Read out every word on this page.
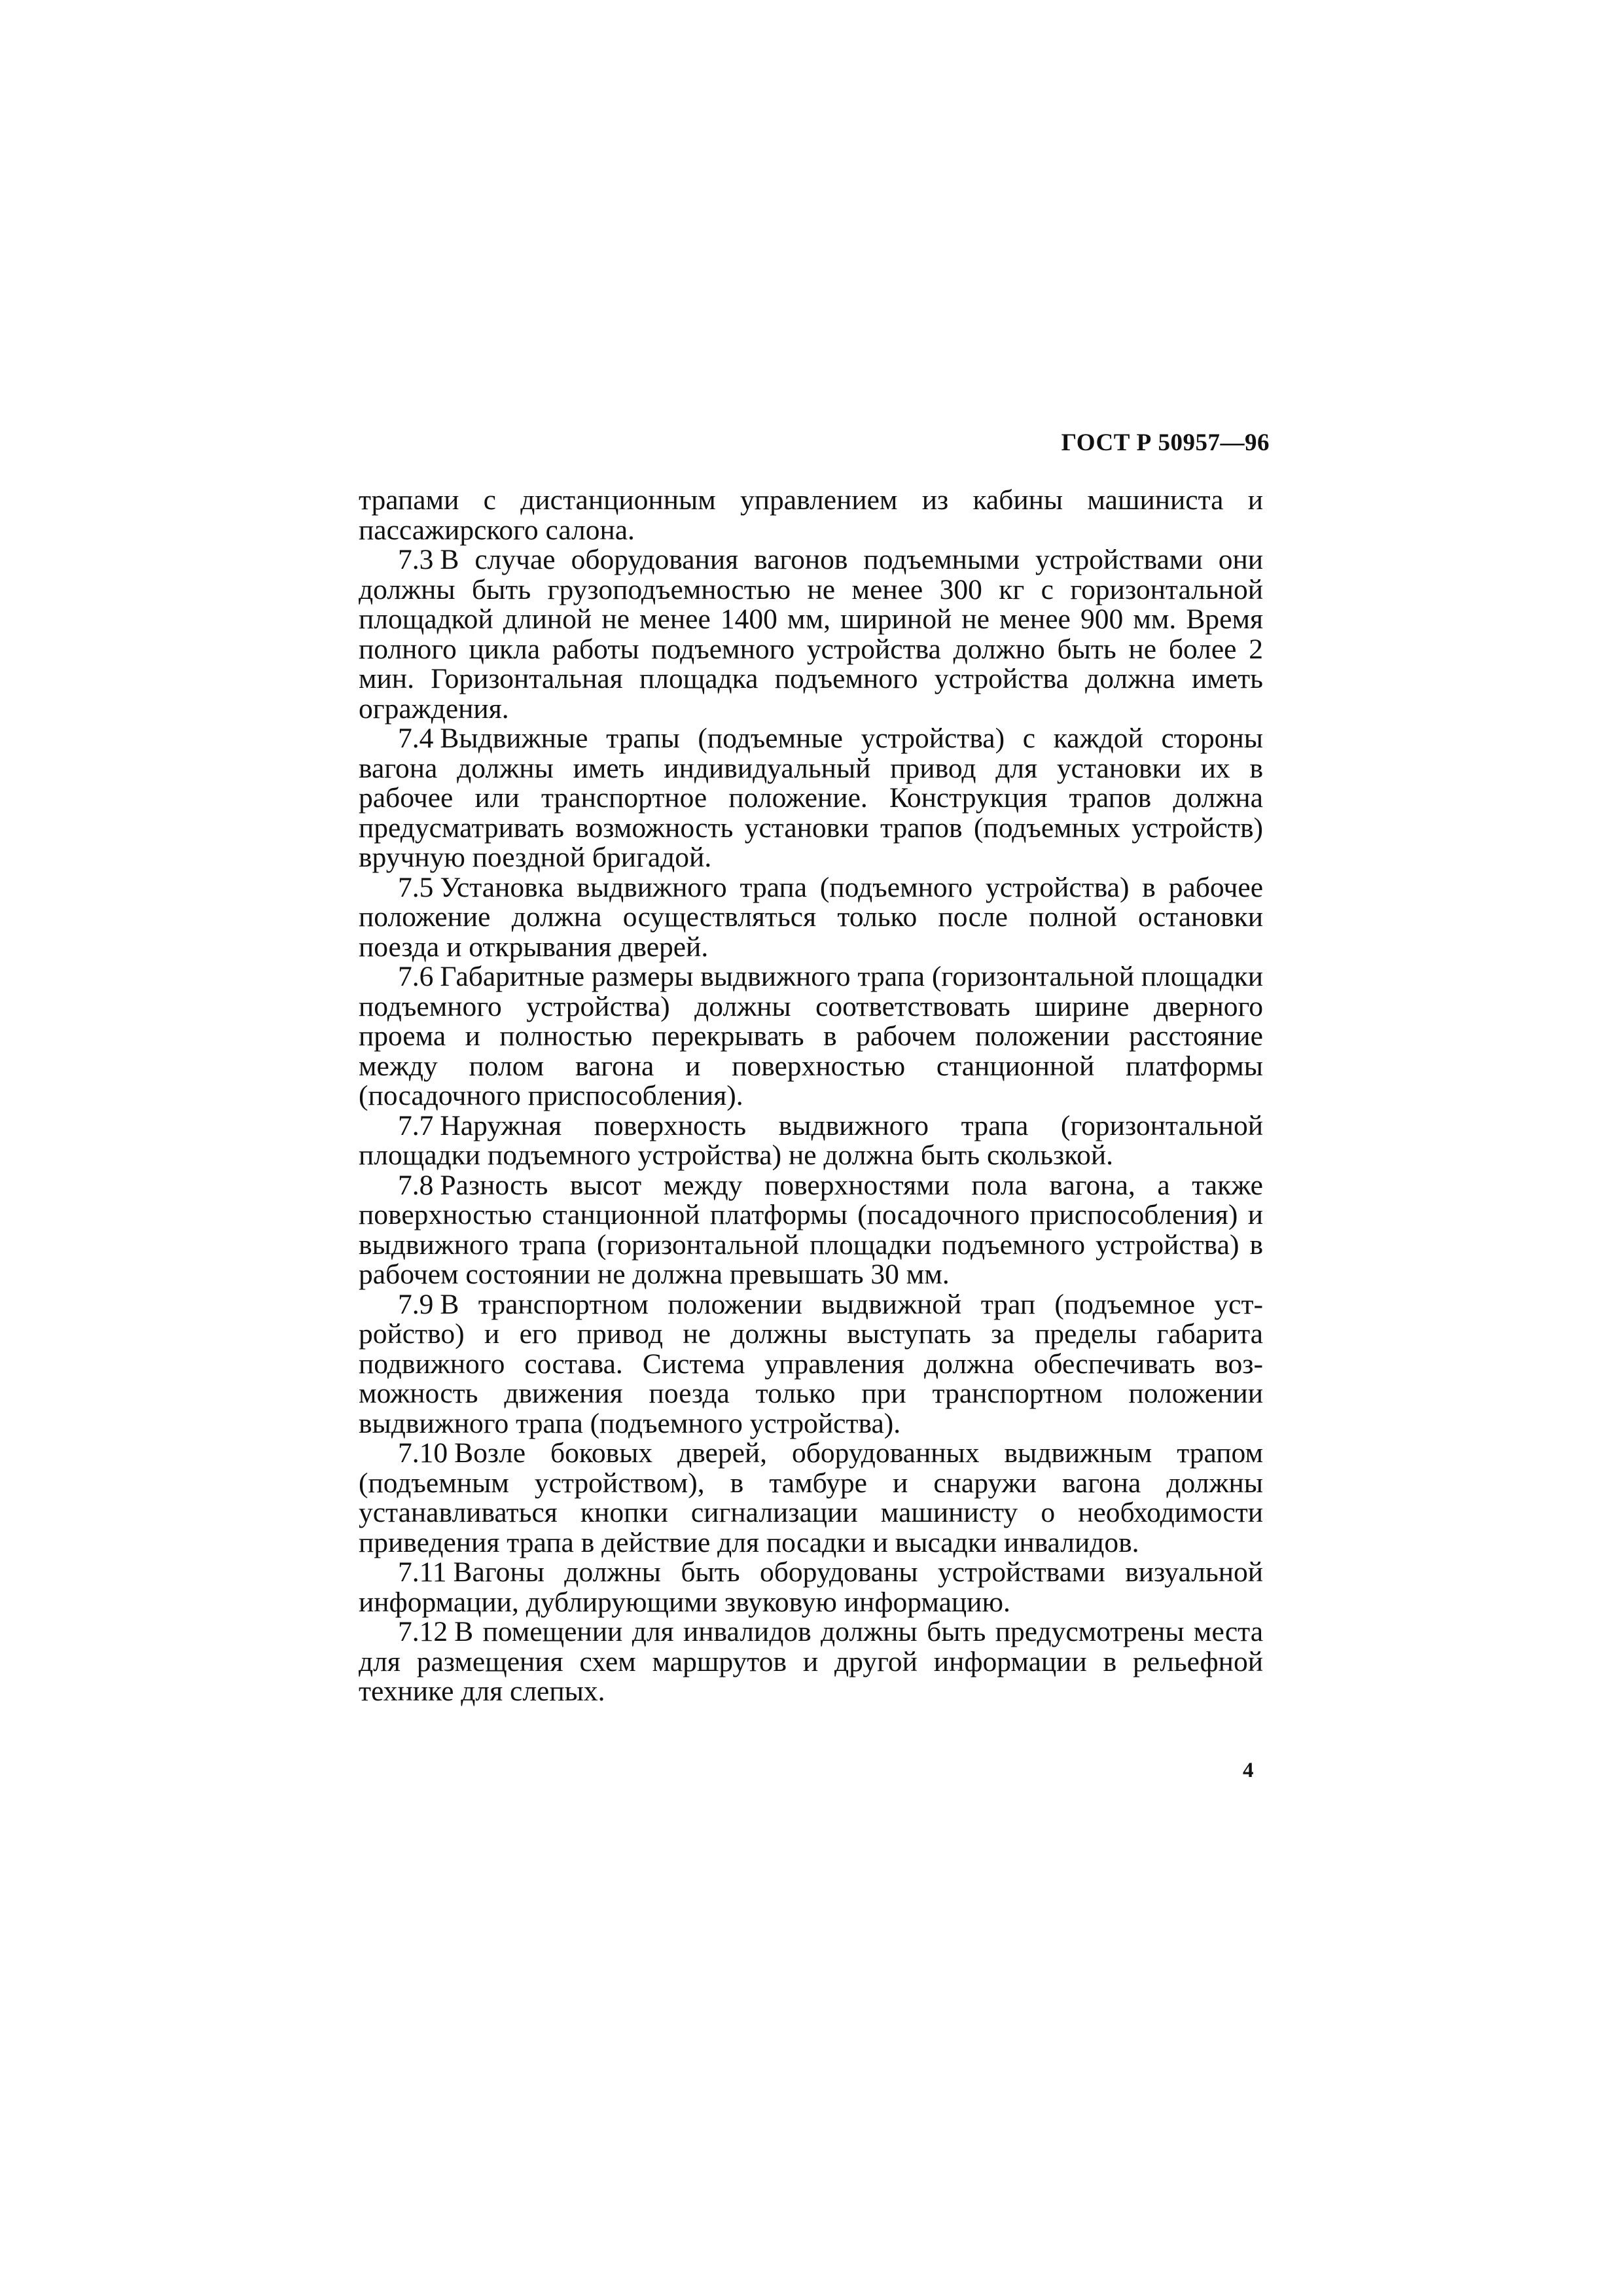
ГОСТ Р 50957—96

трапами с дистанционным управлением из кабины машиниста и пассажирского салона.

7.3 В случае оборудования вагонов подъемными устройствами они должны быть грузоподъемностью не менее 300 кг с горизонтальной площадкой длиной не менее 1400 мм, шириной не менее 900 мм. Время полного цикла работы подъемного устройства должно быть не более 2 мин. Горизонтальная площадка подъемного устройства должна иметь ограждения.

7.4 Выдвижные трапы (подъемные устройства) с каждой стороны вагона должны иметь индивидуальный привод для установки их в рабочее или транспортное положение. Конструкция трапов должна предусматривать возможность установки трапов (подъемных устройств) вручную поездной бригадой.

7.5 Установка выдвижного трапа (подъемного устройства) в рабочее положение должна осуществляться только после полной остановки поезда и открывания дверей.

7.6 Габаритные размеры выдвижного трапа (горизонтальной площадки подъемного устройства) должны соответствовать ширине дверного проема и полностью перекрывать в рабочем положении расстояние между полом вагона и поверхностью станционной платформы (посадочного приспособления).

7.7 Наружная поверхность выдвижного трапа (горизонтальной площадки подъемного устройства) не должна быть скользкой.

7.8 Разность высот между поверхностями пола вагона, а также поверхностью станционной платформы (посадочного приспособления) и выдвижного трапа (горизонтальной площадки подъемного устройства) в рабочем состоянии не должна превышать 30 мм.

7.9 В транспортном положении выдвижной трап (подъемное устройство) и его привод не должны выступать за пределы габарита подвижного состава. Система управления должна обеспечивать возможность движения поезда только при транспортном положении выдвижного трапа (подъемного устройства).

7.10 Возле боковых дверей, оборудованных выдвижным трапом (подъемным устройством), в тамбуре и снаружи вагона должны устанавливаться кнопки сигнализации машинисту о необходимости приведения трапа в действие для посадки и высадки инвалидов.

7.11 Вагоны должны быть оборудованы устройствами визуальной информации, дублирующими звуковую информацию.

7.12 В помещении для инвалидов должны быть предусмотрены места для размещения схем маршрутов и другой информации в рельефной технике для слепых.

4
